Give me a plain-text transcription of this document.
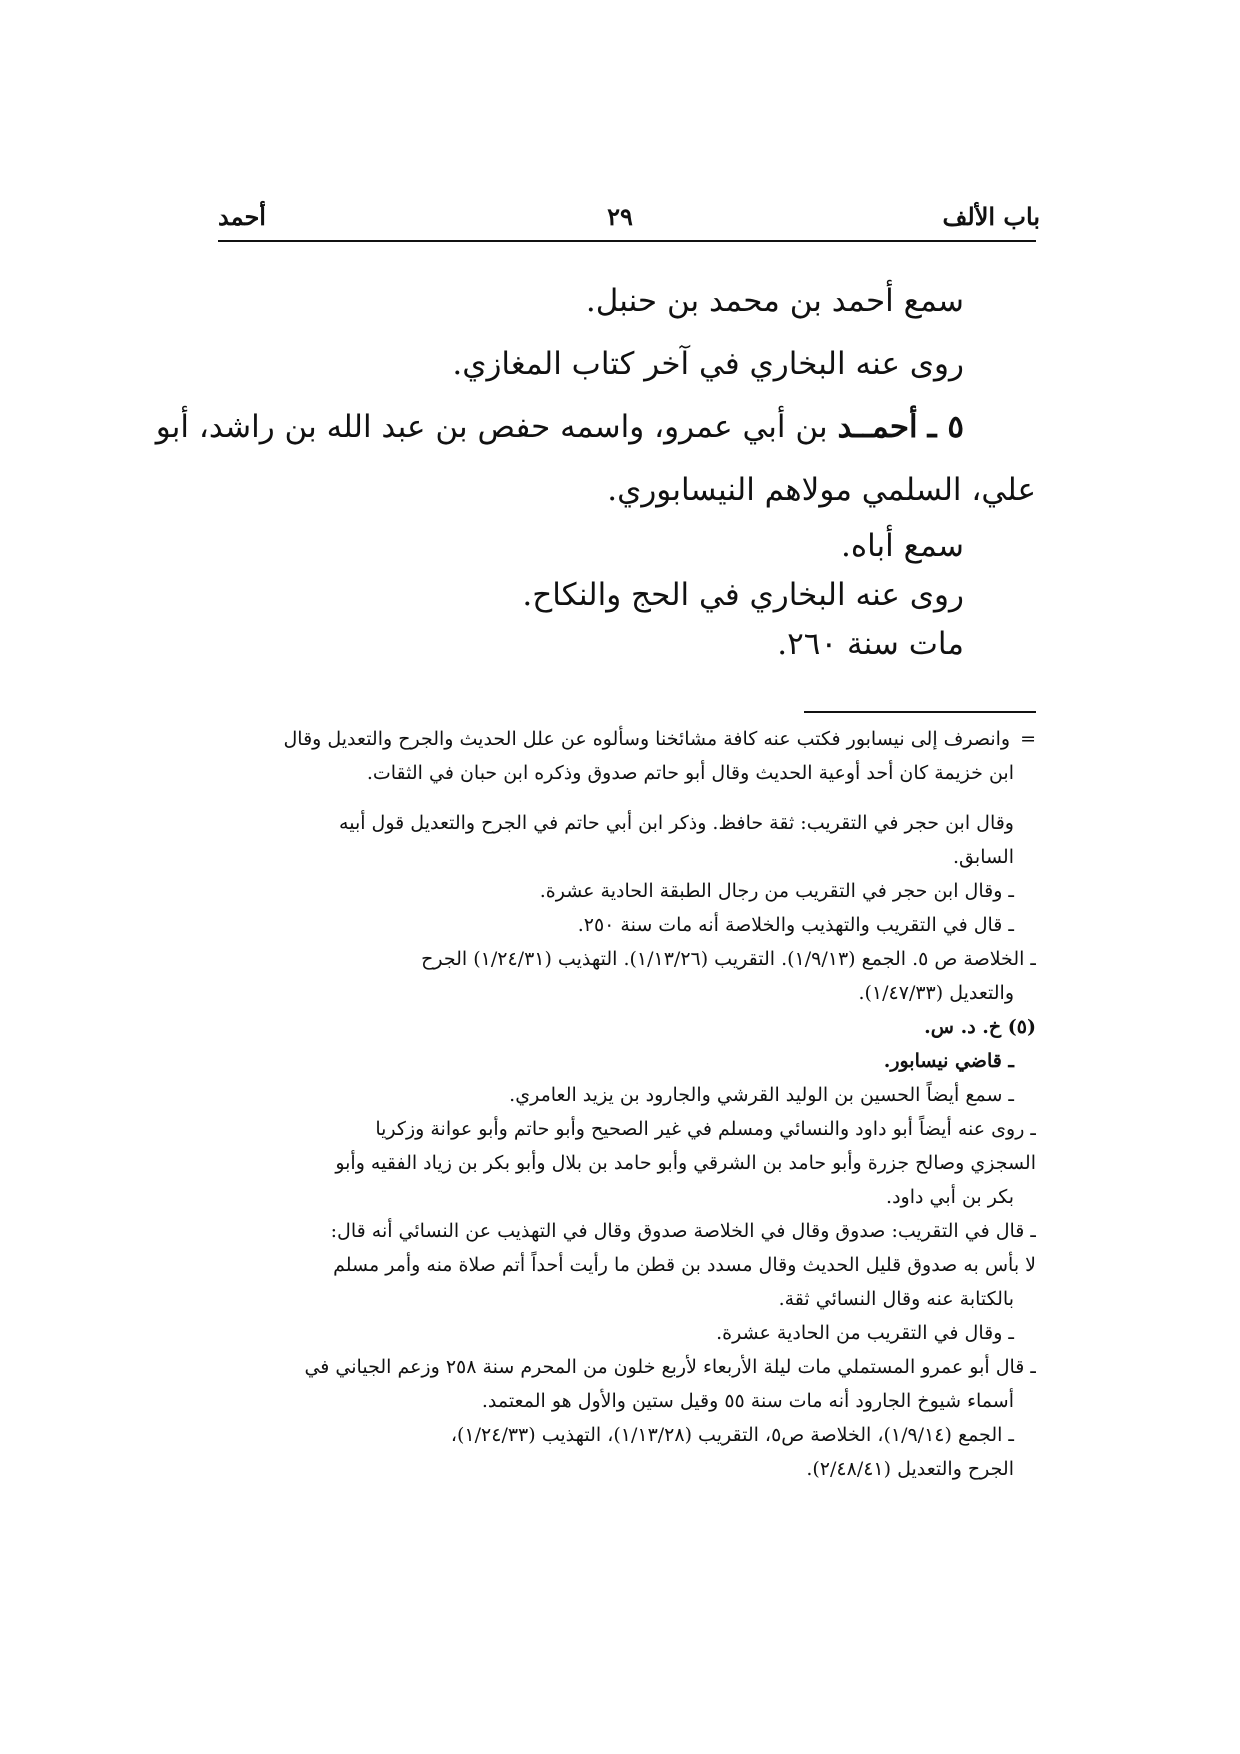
باب الألف
٢٩
أحمد
سمع أحمد بن محمد بن حنبل.
روى عنه البخاري في آخر كتاب المغازي.
٥ ـ أحمــد بن أبي عمرو، واسمه حفص بن عبد الله بن راشد، أبو
علي، السلمي مولاهم النيسابوري.
سمع أباه.
روى عنه البخاري في الحج والنكاح.
مات سنة ٢٦٠.
=وانصرف إلى نيسابور فكتب عنه كافة مشائخنا وسألوه عن علل الحديث والجرح والتعديل وقال
ابن خزيمة كان أحد أوعية الحديث وقال أبو حاتم صدوق وذكره ابن حبان في الثقات.
وقال ابن حجر في التقريب: ثقة حافظ. وذكر ابن أبي حاتم في الجرح والتعديل قول أبيه
السابق.
ـ وقال ابن حجر في التقريب من رجال الطبقة الحادية عشرة.
ـ قال في التقريب والتهذيب والخلاصة أنه مات سنة ٢٥٠.
ـ الخلاصة ص ٥. الجمع (١/٩/١٣). التقريب (١/١٣/٢٦). التهذيب (١/٢٤/٣١) الجرح
والتعديل (١/٤٧/٣٣).
(٥) خ. د. س.
ـ قاضي نيسابور.
ـ سمع أيضاً الحسين بن الوليد القرشي والجارود بن يزيد العامري.
ـ روى عنه أيضاً أبو داود والنسائي ومسلم في غير الصحيح وأبو حاتم وأبو عوانة وزكريا
السجزي وصالح جزرة وأبو حامد بن الشرقي وأبو حامد بن بلال وأبو بكر بن زياد الفقيه وأبو
بكر بن أبي داود.
ـ قال في التقريب: صدوق وقال في الخلاصة صدوق وقال في التهذيب عن النسائي أنه قال:
لا بأس به صدوق قليل الحديث وقال مسدد بن قطن ما رأيت أحداً أتم صلاة منه وأمر مسلم
بالكتابة عنه وقال النسائي ثقة.
ـ وقال في التقريب من الحادية عشرة.
ـ قال أبو عمرو المستملي مات ليلة الأربعاء لأربع خلون من المحرم سنة ٢٥٨ وزعم الجياني في
أسماء شيوخ الجارود أنه مات سنة ٥٥ وقيل ستين والأول هو المعتمد.
ـ الجمع (١/٩/١٤)، الخلاصة ص٥، التقريب (١/١٣/٢٨)، التهذيب (١/٢٤/٣٣)،
الجرح والتعديل (٢/٤٨/٤١).
